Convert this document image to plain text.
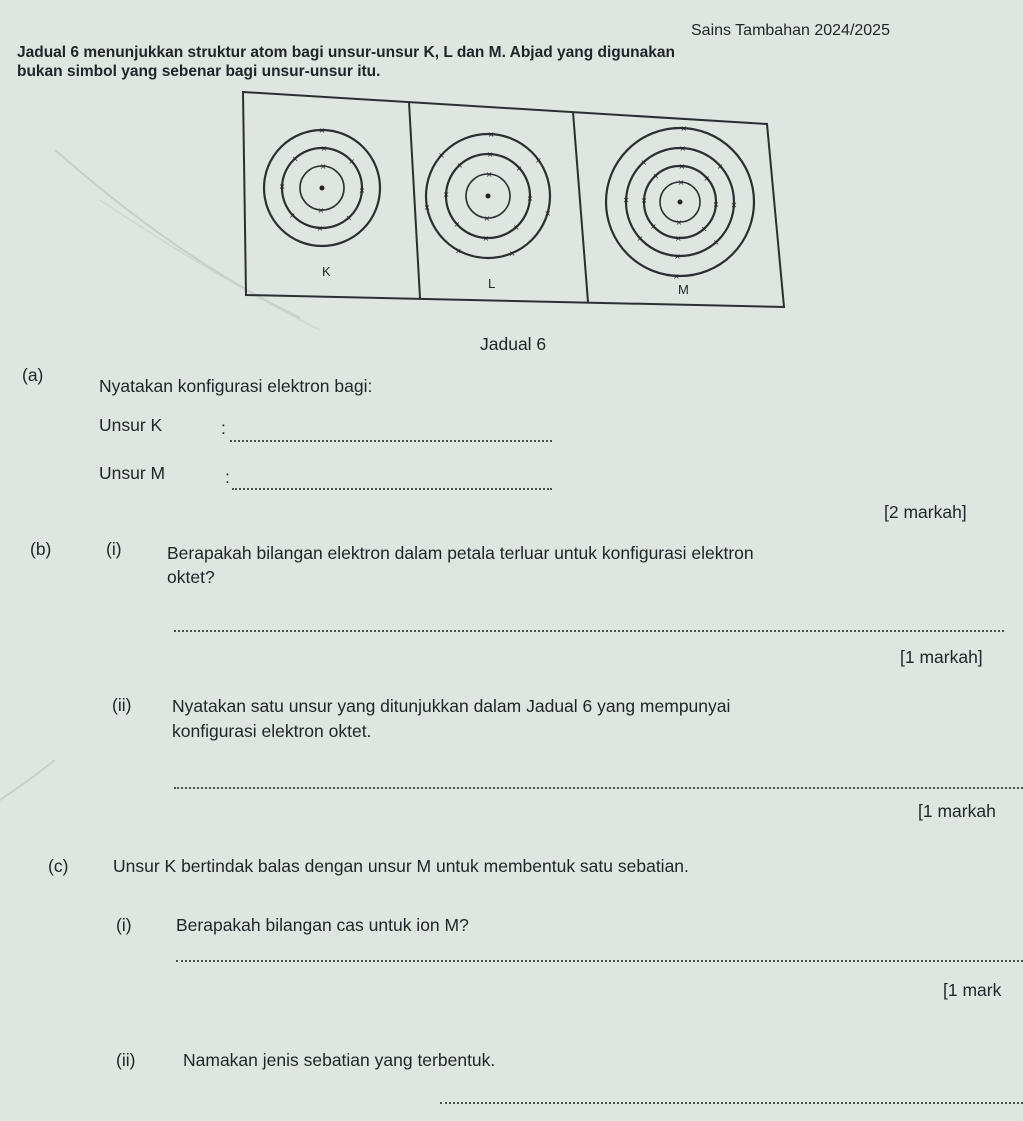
Sains Tambahan 2024/2025
Jadual 6 menunjukkan struktur atom bagi unsur-unsur K, L dan M. Abjad yang digunakan
bukan simbol yang sebenar bagi unsur-unsur itu.
×
×
×
×
×
×
×
×
×
×
×
×
×
×
×
×
×
×
×
×
×
×
×
×
×
×
×
×
×
×
×
×
×
×
×
×
×
×
×
×
×
×
×
×
×
×
×
×
K
L	M
Jadual 6
(a)
Nyatakan konfigurasi elektron bagi:
Unsur K	:
Unsur M	:
[2 markah]
(b)	(i)	Berapakah bilangan elektron dalam petala terluar untuk konfigurasi elektron
oktet?
[1 markah]
(ii) Nyatakan satu unsur yang ditunjukkan dalam Jadual 6 yang mempunyai
konfigurasi elektron oktet.
[1 markah
(c)	Unsur K bertindak balas dengan unsur M untuk membentuk satu sebatian.
(i)	Berapakah bilangan cas untuk ion M?
[1 mark
(ii)	Namakan jenis sebatian yang terbentuk.
